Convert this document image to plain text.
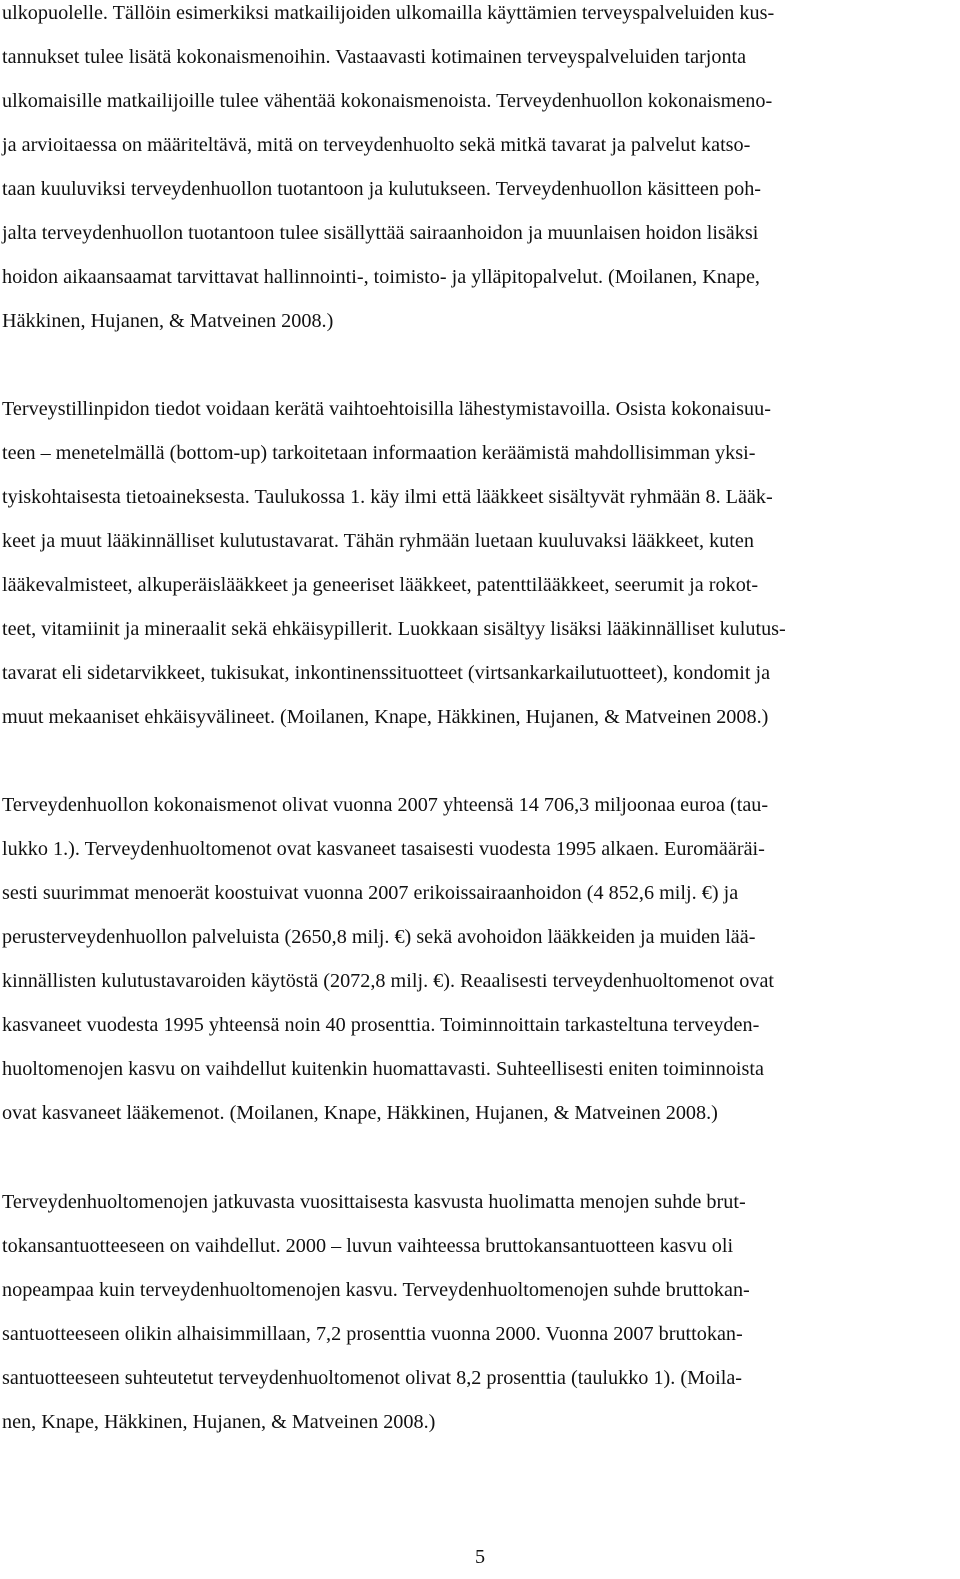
ulkopuolelle. Tällöin esimerkiksi matkailijoiden ulkomailla käyttämien terveyspalveluiden kus-
tannukset tulee lisätä kokonaismenoihin. Vastaavasti kotimainen terveyspalveluiden tarjonta
ulkomaisille matkailijoille tulee vähentää kokonaismenoista. Terveydenhuollon kokonaismeno-
ja arvioitaessa on määriteltävä, mitä on terveydenhuolto sekä mitkä tavarat ja palvelut katso-
taan kuuluviksi terveydenhuollon tuotantoon ja kulutukseen. Terveydenhuollon käsitteen poh-
jalta terveydenhuollon tuotantoon tulee sisällyttää sairaanhoidon ja muunlaisen hoidon lisäksi
hoidon aikaansaamat tarvittavat hallinnointi-, toimisto- ja ylläpitopalvelut. (Moilanen, Knape,
Häkkinen, Hujanen, & Matveinen 2008.)
Terveystillinpidon tiedot voidaan kerätä vaihtoehtoisilla lähestymistavoilla. Osista kokonaisuu-
teen – menetelmällä (bottom-up) tarkoitetaan informaation keräämistä mahdollisimman yksi-
tyiskohtaisesta tietoaineksesta. Taulukossa 1. käy ilmi että lääkkeet sisältyvät ryhmään 8. Lääk-
keet ja muut lääkinnälliset kulutustavarat. Tähän ryhmään luetaan kuuluvaksi lääkkeet, kuten
lääkevalmisteet, alkuperäislääkkeet ja geneeriset lääkkeet, patenttilääkkeet, seerumit ja rokot-
teet, vitamiinit ja mineraalit sekä ehkäisypillerit. Luokkaan sisältyy lisäksi lääkinnälliset kulutus-
tavarat eli sidetarvikkeet, tukisukat, inkontinenssituotteet (virtsankarkailutuotteet), kondomit ja
muut mekaaniset ehkäisyvälineet. (Moilanen, Knape, Häkkinen, Hujanen, & Matveinen 2008.)
Terveydenhuollon kokonaismenot olivat vuonna 2007 yhteensä 14 706,3 miljoonaa euroa (tau-
lukko 1.). Terveydenhuoltomenot ovat kasvaneet tasaisesti vuodesta 1995 alkaen. Euromääräi-
sesti suurimmat menoerät koostuivat vuonna 2007 erikoissairaanhoidon (4 852,6 milj. €) ja
perusterveydenhuollon palveluista (2650,8 milj. €) sekä avohoidon lääkkeiden ja muiden lää-
kinnällisten kulutustavaroiden käytöstä (2072,8 milj. €). Reaalisesti terveydenhuoltomenot ovat
kasvaneet vuodesta 1995 yhteensä noin 40 prosenttia. Toiminnoittain tarkasteltuna terveyden-
huoltomenojen kasvu on vaihdellut kuitenkin huomattavasti. Suhteellisesti eniten toiminnoista
ovat kasvaneet lääkemenot. (Moilanen, Knape, Häkkinen, Hujanen, & Matveinen 2008.)
Terveydenhuoltomenojen jatkuvasta vuosittaisesta kasvusta huolimatta menojen suhde brut-
tokansantuotteeseen on vaihdellut. 2000 – luvun vaihteessa bruttokansantuotteen kasvu oli
nopeampaa kuin terveydenhuoltomenojen kasvu. Terveydenhuoltomenojen suhde bruttokan-
santuotteeseen olikin alhaisimmillaan, 7,2 prosenttia vuonna 2000. Vuonna 2007 bruttokan-
santuotteeseen suhteutetut terveydenhuoltomenot olivat 8,2 prosenttia (taulukko 1). (Moila-
nen, Knape, Häkkinen, Hujanen, & Matveinen 2008.)
5
